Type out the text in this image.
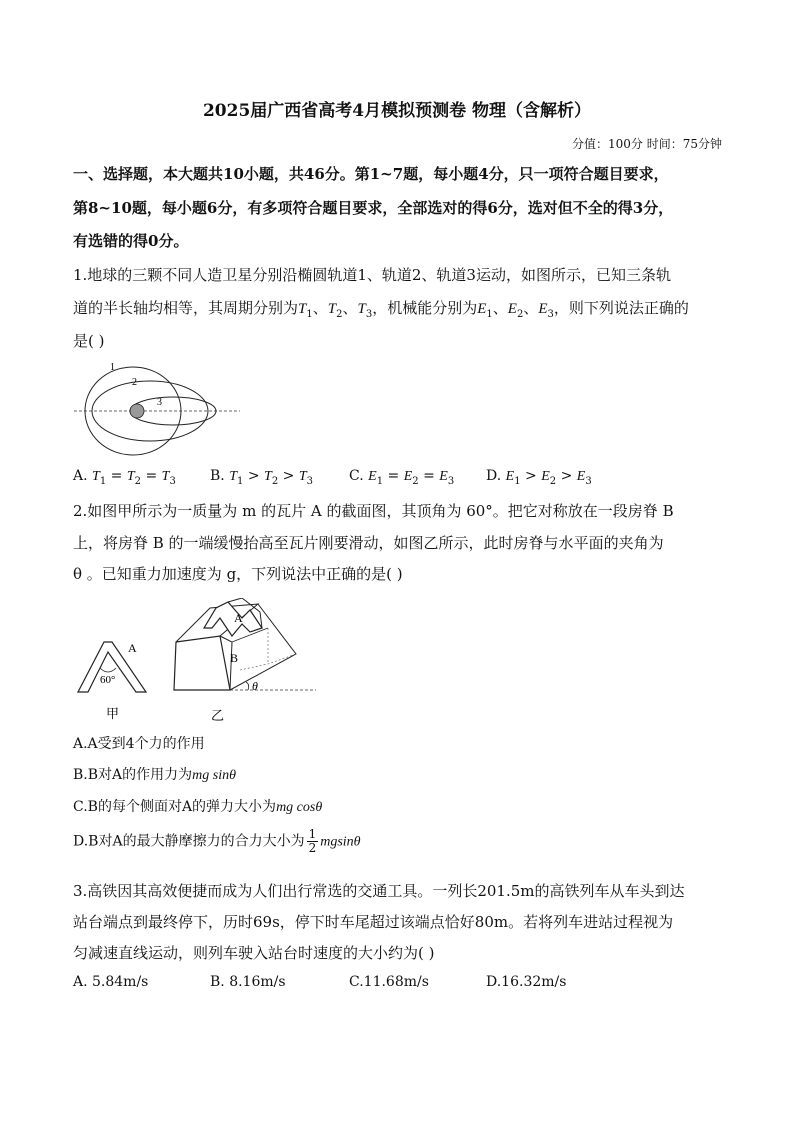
2025届广西省高考4月模拟预测卷 物理（含解析）
分值：100分 时间：75分钟
一、选择题，本大题共10小题，共46分。第1~7题，每小题4分，只一项符合题目要求，
第8~10题，每小题6分，有多项符合题目要求，全部选对的得6分，选对但不全的得3分，
有选错的得0分。
1.地球的三颗不同人造卫星分别沿椭圆轨道1、轨道2、轨道3运动，如图所示，已知三条轨
道的半长轴均相等，其周期分别为$T_1$、$T_2$、$T_3$，机械能分别为$E_1$、$E_2$、$E_3$，则下列说法正确的
是( )
1
2
3
A. $T_1 = T_2 = T_3$ B. $T_1 > T_2 > T_3$	C. $E_1 = E_2 = E_3$ D. $E_1 > E_2 > E_3$
2.如图甲所示为一质量为 m 的瓦片 A 的截面图，其顶角为 60°。把它对称放在一段房脊 B
上，将房脊 B 的一端缓慢抬高至瓦片刚要滑动，如图乙所示，此时房脊与水平面的夹角为
θ 。已知重力加速度为 g，下列说法中正确的是( )
A
60°
甲
A
B
θ
乙
A.A受到4个力的作用
B.B对A的作用力为mg sinθ
C.B的每个侧面对A的弹力大小为mg cosθ
D.B对A的最大静摩擦力的合力大小为 $\frac{1}{2}$ mgsinθ
3.高铁因其高效便捷而成为人们出行常选的交通工具。一列长201.5m的高铁列车从车头到达
站台端点到最终停下，历时69s，停下时车尾超过该端点恰好80m。若将列车进站过程视为
匀减速直线运动，则列车驶入站台时速度的大小约为( )
A. 5.84m/s	B. 8.16m/s	C.11.68m/s	D.16.32m/s
